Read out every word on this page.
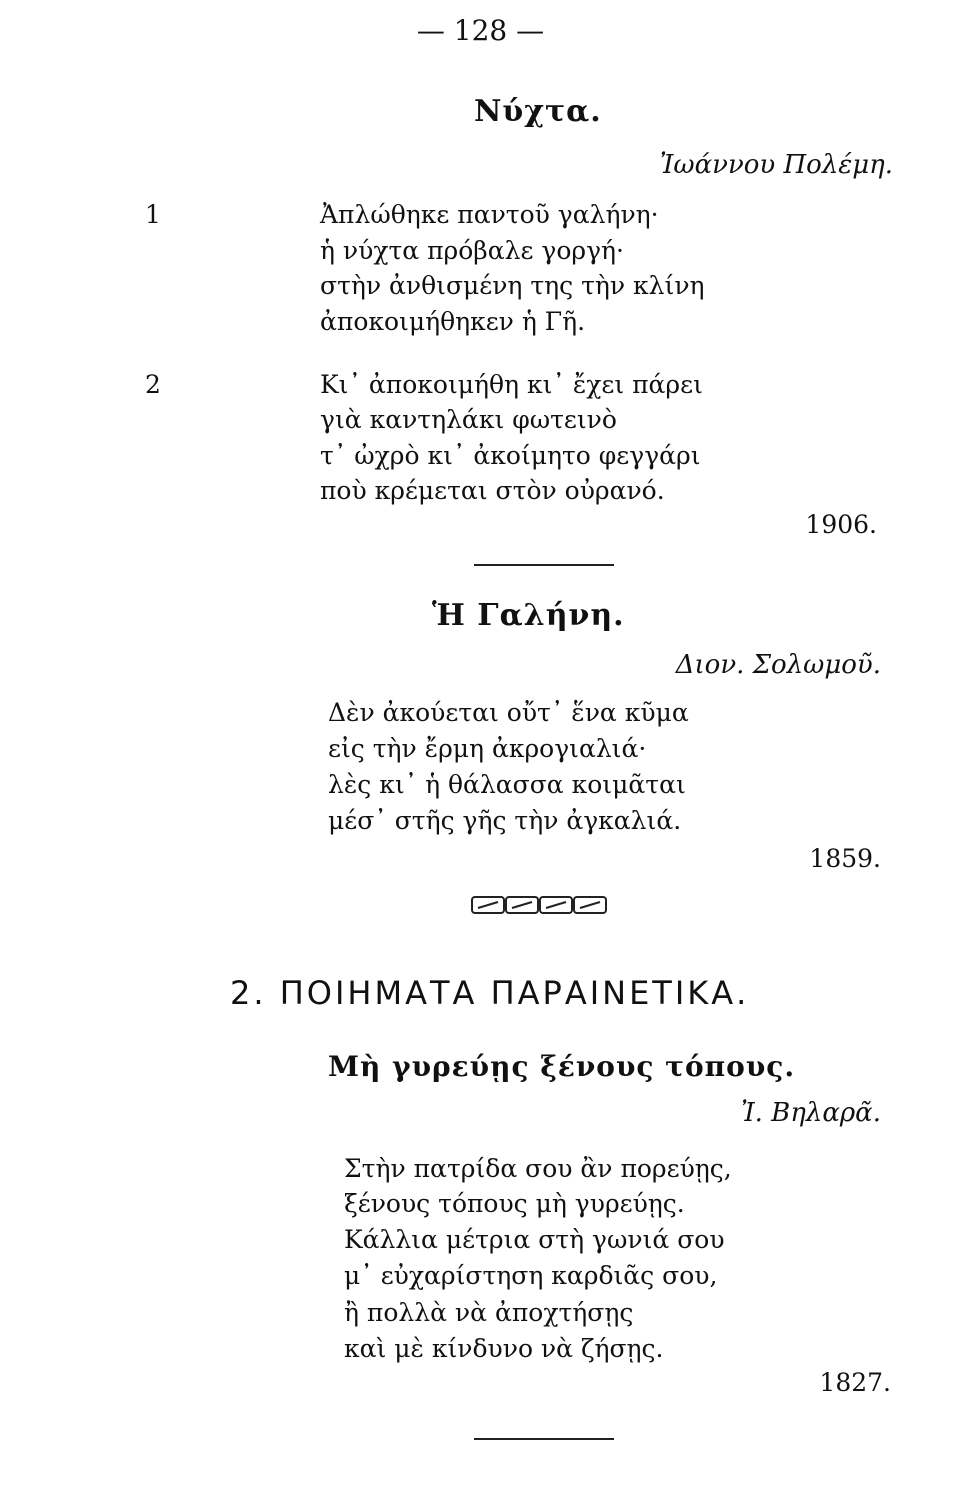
— 128 —
Νύχτα.
Ἰωάννου Πολέμη.
1	Ἀπλώθηκε παντοῦ γαλήνη·
ἡ νύχτα πρόβαλε γοργή·
στὴν ἀνθισμένη της τὴν κλίνη
ἀποκοιμήθηκεν ἡ Γῆ.
2	Κι᾿ ἀποκοιμήθη κι᾿ ἔχει πάρει
γιὰ καντηλάκι φωτεινὸ
τ᾿ ὠχρὸ κι᾿ ἀκοίμητο φεγγάρι
ποὺ κρέμεται στὸν οὐρανό.
1906.
Ἡ Γαλήνη.
Διον. Σολωμοῦ.
Δὲν ἀκούεται οὔτ᾿ ἕνα κῦμα
εἰς τὴν ἔρμη ἀκρογιαλιά·
λὲς κι᾿ ἡ θάλασσα κοιμᾶται
μέσ᾿ στῆς γῆς τὴν ἀγκαλιά.
1859.
2. ΠΟΙΗΜΑΤΑ ΠΑΡΑΙΝΕΤΙΚΑ.
Μὴ γυρεύῃς ξένους τόπους.
Ἰ. Βηλαρᾶ.
Στὴν πατρίδα σου ἂν πορεύῃς,
ξένους τόπους μὴ γυρεύῃς.
Κάλλια μέτρια στὴ γωνιά σου
μ᾿ εὐχαρίστηση καρδιᾶς σου,
ἢ πολλὰ νὰ ἀποχτήσῃς
καὶ μὲ κίνδυνο νὰ ζήσῃς.
1827.
